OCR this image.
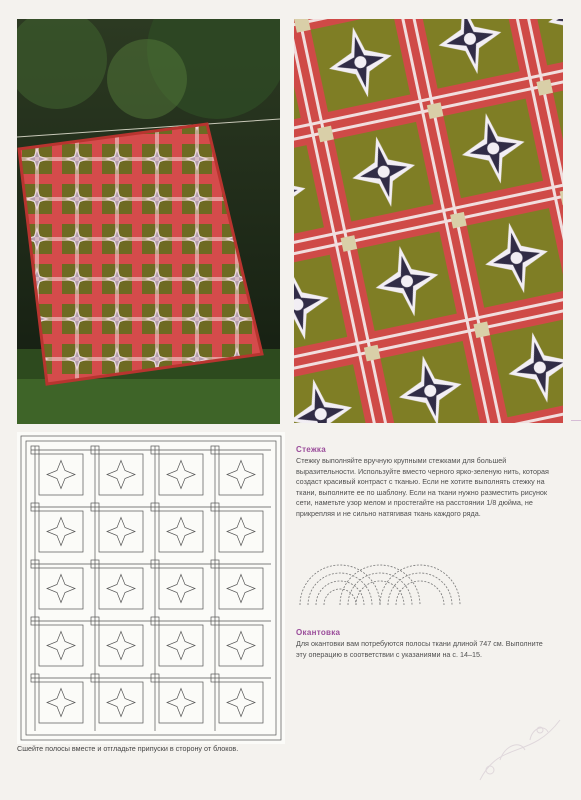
Стежка

Стежку выполняйте вручную крупными стежками для большей выразительности. Используйте вместо черного ярко-зеленую нить, которая создаст красивый контраст с тканью. Если не хотите выполнять стежку на ткани, выполните ее по шаблону. Если на ткани нужно разместить рисунок сети, наметьте узор мелом и простегайте на расстоянии 1/8 дюйма, не прикрепляя и не сильно натягивая ткань каждого ряда.

Окантовка

Для окантовки вам потребуются полосы ткани длиной 747 см. Выполните эту операцию в соответствии с указаниями на с. 14–15.

Сшейте полосы вместе и отгладьте припуски в сторону от блоков.
